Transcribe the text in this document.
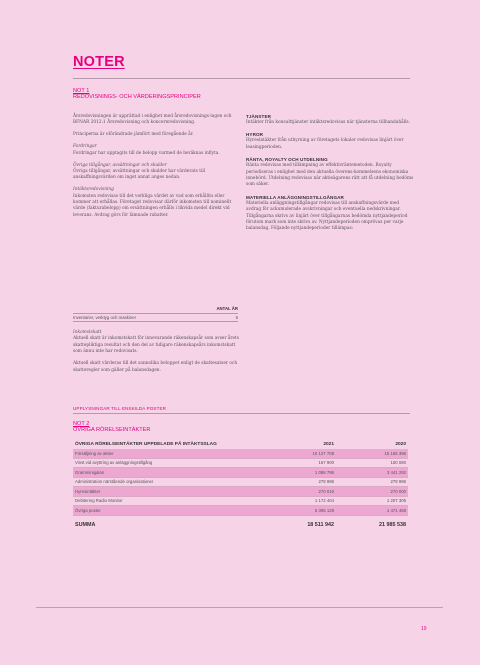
NOTER
NOT 1
REDOVISNINGS- OCH VÄRDERINGSPRINCIPER

Årsredovisningen är upprättad i enlighet med årsredovisnings-lagen och BFNAR 2012:1 Årsredovisning och koncernredovisning.

Principerna är oförändrade jämfört med föregående år.

Fordringar

Fordringar har upptagits till de belopp varmed de beräknas inflyta.

Övriga tillgångar, avsättningar och skulder

Övriga tillgångar, avsättningar och skulder har värderats till anskaffningsvärden om inget annat anges nedan.

Intäktsredovisning

Inkomsten redovisas till det verkliga värdet av vad som erhållits eller kommer att erhållas. Företaget redovisar därför inkomsten till nominellt värde (fakturabelopp) om ersättningen erhålls i likvida medel direkt vid leverans. Avdrag görs för lämnade rabatter.

TJÄNSTER

Intäkter från konsulttjänster intäktsredovisas när tjänsterna tillhandahålls.

HYROR

Hyresintäkter från uthyrning av företagets lokaler redovisas linjärt över leasingperioden.

RÄNTA, ROYALTY OCH UTDELNING

Ränta redovisas med tillämpning av effektivräntemetoden. Royalty periodiseras i enlighet med den aktuella överens-kommelsens ekonomiska innebörd. Utdelning redovisas när aktieägarens rätt att få utdelning bedöms som säker.

MATERIELLA ANLÄGGNINGSTILLGÅNGAR

Materiella anläggningstillgångar redovisas till anskaffningsvärde med avdrag för ackumulerade avskrivningar och eventuella nedskrivningar. Tillgångarna skrivs av linjärt över tillgångarnas bedömda nyttjandeperiod förutom mark som inte skrivs av. Nyttjandeperioden omprövas per varje balansdag. Följande nyttjandeperioder tillämpas:

ANTAL ÅR
Inventarier, verktyg och maskiner	5

Inkomstskatt

Aktuell skatt är inkomstskatt för innevarande räkenskapsår som avser årets skattepliktiga resultat och den del av tidigare räkenskapsårs inkomstskatt som ännu inte har redovisats.

Aktuell skatt värderas till det sannolika beloppet enligt de skattesatser och skatteregler som gäller på balansdagen.

UPPLYSNINGAR TILL ENSKILDA POSTER
NOT 2
ÖVRIGA RÖRELSEINTÄKTER
ÖVRIGA RÖRELSEINTÄKTER UPPDELADE PÅ INTÄKTSSLAG	2021	2020
Försäljning av aktier	10 127 708	15 165 396
Vinst vid avyttring av anläggningstillgång	167 900	150 080
Gramminigalan	1 098 795	3 441 292
Administration närstående organisationer	279 996	279 996
Hyresintäkter	270 010	270 000
Debitering Radio Monitor	1 172 404	1 207 306
Övriga poster	5 395 129	1 471 468
SUMMA	18 511 942	21 985 538
19
